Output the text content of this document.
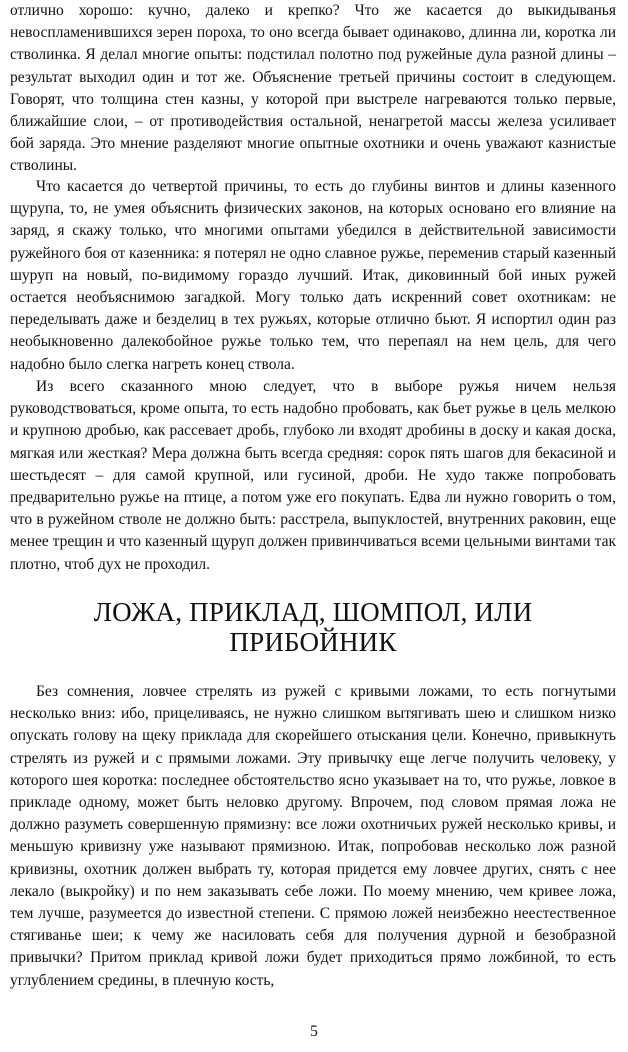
отлично хорошо: кучно, далеко и крепко? Что же касается до выкидыванья невоспламенившихся зерен пороха, то оно всегда бывает одинаково, длинна ли, коротка ли стволинка. Я делал многие опыты: подстилал полотно под ружейные дула разной длины – результат выходил один и тот же. Объяснение третьей причины состоит в следующем. Говорят, что толщина стен казны, у которой при выстреле нагреваются только первые, ближайшие слои, – от противодействия остальной, ненагретой массы железа усиливает бой заряда. Это мнение разделяют многие опытные охотники и очень уважают казнистые стволины.

Что касается до четвертой причины, то есть до глубины винтов и длины казенного щурупа, то, не умея объяснить физических законов, на которых основано его влияние на заряд, я скажу только, что многими опытами убедился в действительной зависимости ружейного боя от казенника: я потерял не одно славное ружье, переменив старый казенный шуруп на новый, по-видимому гораздо лучший. Итак, диковинный бой иных ружей остается необъяснимою загадкой. Могу только дать искренний совет охотникам: не переделывать даже и безделиц в тех ружьях, которые отлично бьют. Я испортил один раз необыкновенно далекобойное ружье только тем, что перепаял на нем цель, для чего надобно было слегка нагреть конец ствола.

Из всего сказанного мною следует, что в выборе ружья ничем нельзя руководствоваться, кроме опыта, то есть надобно пробовать, как бьет ружье в цель мелкою и крупною дробью, как рассевает дробь, глубоко ли входят дробины в доску и какая доска, мягкая или жесткая? Мера должна быть всегда средняя: сорок пять шагов для бекасиной и шестьдесят – для самой крупной, или гусиной, дроби. Не худо также попробовать предварительно ружье на птице, а потом уже его покупать. Едва ли нужно говорить о том, что в ружейном стволе не должно быть: расстрела, выпуклостей, внутренних раковин, еще менее трещин и что казенный щуруп должен привинчиваться всеми цельными винтами так плотно, чтоб дух не проходил.

ЛОЖА, ПРИКЛАД, ШОМПОЛ, ИЛИ
ПРИБОЙНИК

Без сомнения, ловчее стрелять из ружей с кривыми ложами, то есть погнутыми несколько вниз: ибо, прицеливаясь, не нужно слишком вытягивать шею и слишком низко опускать голову на щеку приклада для скорейшего отыскания цели. Конечно, привыкнуть стрелять из ружей и с прямыми ложами. Эту привычку еще легче получить человеку, у которого шея коротка: последнее обстоятельство ясно указывает на то, что ружье, ловкое в прикладе одному, может быть неловко другому. Впрочем, под словом прямая ложа не должно разуметь совершенную прямизну: все ложи охотничьих ружей несколько кривы, и меньшую кривизну уже называют прямизною. Итак, попробовав несколько лож разной кривизны, охотник должен выбрать ту, которая придется ему ловчее других, снять с нее лекало (выкройку) и по нем заказывать себе ложи. По моему мнению, чем кривее ложа, тем лучше, разумеется до известной степени. С прямою ложей неизбежно неестественное стягиванье шеи; к чему же насиловать себя для получения дурной и безобразной привычки? Притом приклад кривой ложи будет приходиться прямо ложбиной, то есть углублением средины, в плечную кость,

5
